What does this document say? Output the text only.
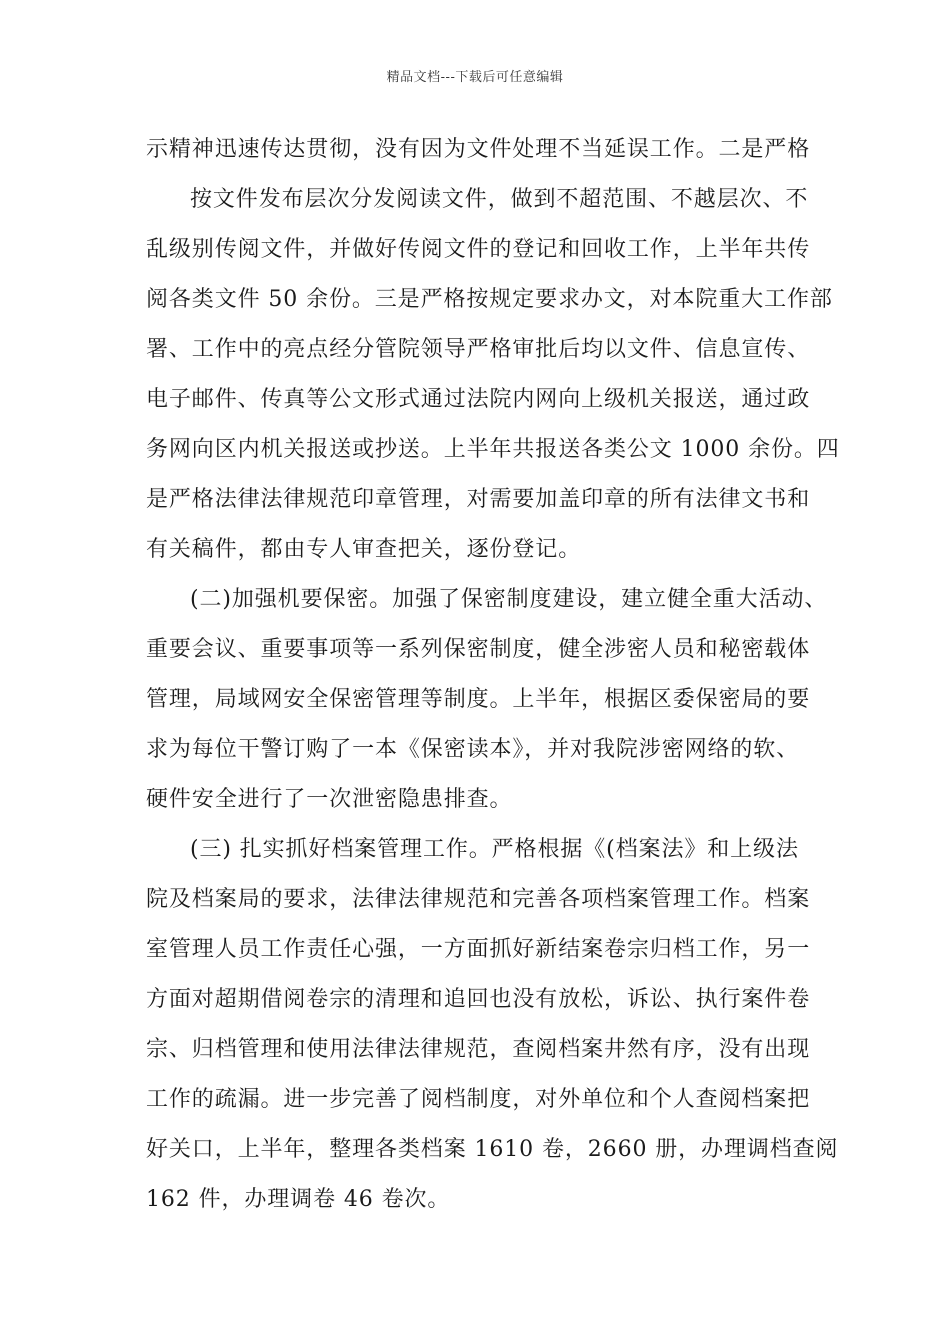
精品文档---下载后可任意编辑
示精神迅速传达贯彻，没有因为文件处理不当延误工作。二是严格
按文件发布层次分发阅读文件，做到不超范围、不越层次、不
乱级别传阅文件，并做好传阅文件的登记和回收工作，上半年共传
阅各类文件 50 余份。三是严格按规定要求办文，对本院重大工作部
署、工作中的亮点经分管院领导严格审批后均以文件、信息宣传、
电子邮件、传真等公文形式通过法院内网向上级机关报送，通过政
务网向区内机关报送或抄送。上半年共报送各类公文 1000 余份。四
是严格法律法律规范印章管理，对需要加盖印章的所有法律文书和
有关稿件，都由专人审查把关，逐份登记。
(二)加强机要保密。加强了保密制度建设，建立健全重大活动、
重要会议、重要事项等一系列保密制度，健全涉密人员和秘密载体
管理，局域网安全保密管理等制度。上半年，根据区委保密局的要
求为每位干警订购了一本《保密读本》，并对我院涉密网络的软、
硬件安全进行了一次泄密隐患排查。
(三) 扎实抓好档案管理工作。严格根据《(档案法》和上级法
院及档案局的要求，法律法律规范和完善各项档案管理工作。档案
室管理人员工作责任心强，一方面抓好新结案卷宗归档工作，另一
方面对超期借阅卷宗的清理和追回也没有放松，诉讼、执行案件卷
宗、归档管理和使用法律法律规范，查阅档案井然有序，没有出现
工作的疏漏。进一步完善了阅档制度，对外单位和个人查阅档案把
好关口，上半年，整理各类档案 1610 卷，2660 册，办理调档查阅
162 件，办理调卷 46 卷次。
